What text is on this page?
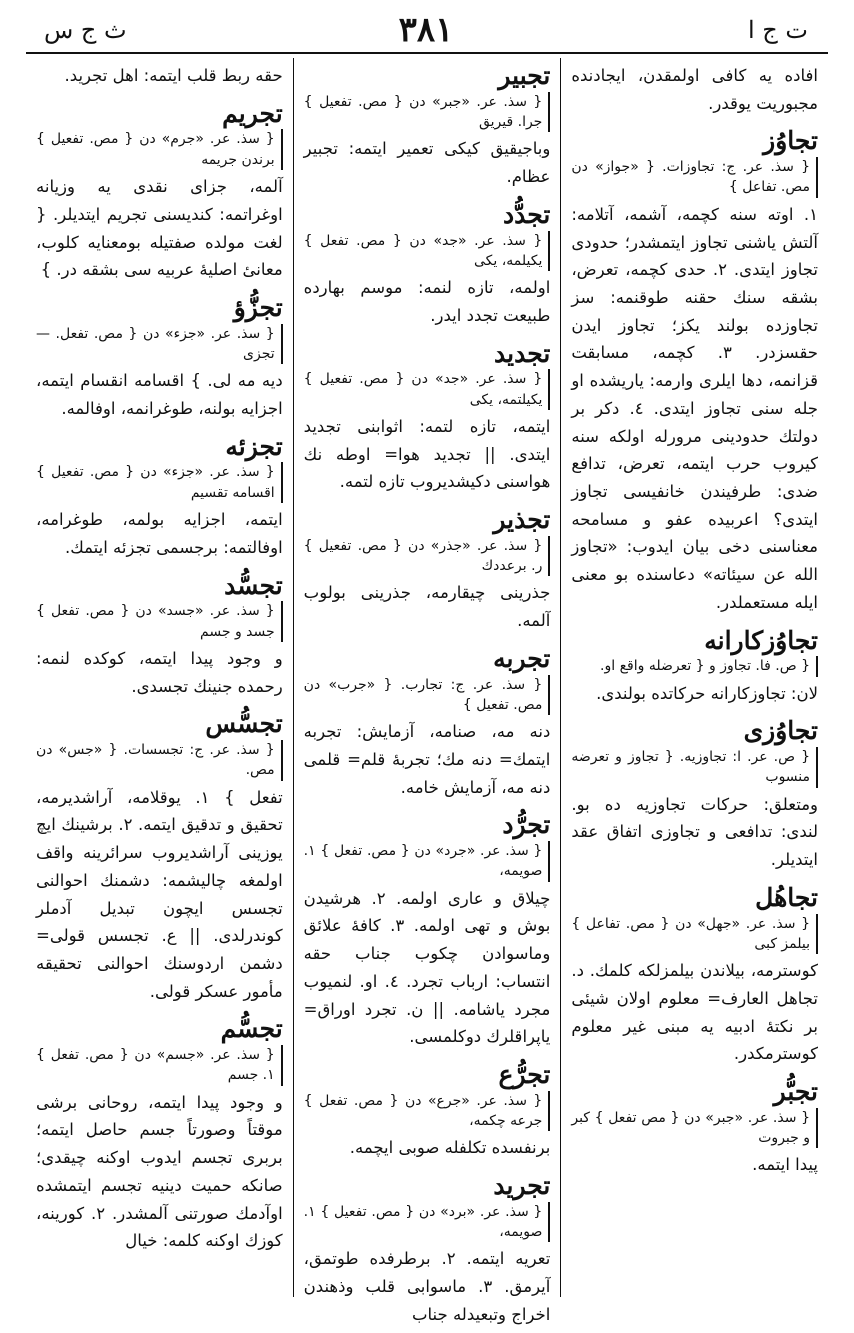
ث ج س	٣٨١	ت ج ا
حقه ربط قلب ايتمه: اهل تجريد.
تجريم
{ سذ. عر. «جرم» دن { مص. تفعيل } برندن جريمه
آلمه، جزاى نقدى يه وزيانه اوغراتمه: كنديسنى تجريم ايتديلر. { لغت مولده صفتيله بومعنايه كلوب، معانىٔ اصليهٔ عربيه سى بشقه در. }
تجزُّؤ
{ سذ. عر. «جزء» دن { مص. تفعل. — تجزى
ديه مه لى. } اقسامه انقسام ايتمه، اجزايه بولنه، طوغرانمه، اوفالمه.
تجزئه
{ سذ. عر. «جزء» دن { مص. تفعيل } اقسامه تقسيم
ايتمه، اجزايه بولمه، طوغرامه، اوفالتمه: برجسمى تجزئه ايتمك.
تجسُّد
{ سذ. عر. «جسد» دن { مص. تفعل } جسد و جسم
و وجود پيدا ايتمه، كوكده لنمه: رحمده جنينك تجسدى.
تجسُّس
{ سذ. عر. ج: تجسسات. { «جس» دن مص.
تفعل } ١. يوقلامه، آراشديرمه، تحقيق و تدقيق ايتمه. ٢. برشينك ايچ يوزينى آراشديروب سرائرينه واقف اولمغه چاليشمه: دشمنك احوالنى تجسس ايچون تبديل آدملر كوندرلدى. || ع. تجسس قولى= دشمن اردوسنك احوالنى تحقيقه مأمور عسكر قولى.
تجسُّم
{ سذ. عر. «جسم» دن { مص. تفعل } ١. جسم
و وجود پيدا ايتمه، روحانى برشى موقتاً وصورتاً جسم حاصل ايتمه؛ بربرى تجسم ايدوب اوكنه چيقدى؛ صانكه حميت دينيه تجسم ايتمشده اوآدمك صورتنى آلمشدر. ٢. كورينه، كوزك اوكنه كلمه: خيال
تجبير
{ سذ. عر. «جبر» دن { مص. تفعيل } جرا. قيريق
وباجيقيق كيكى تعمير ايتمه: تجبير عظام.
تجدُّد
{ سذ. عر. «جد» دن { مص. تفعل } يكيلمه، يكى
اولمه، تازه لنمه: موسم بهارده طبيعت تجدد ايدر.
تجديد
{ سذ. عر. «جد» دن { مص. تفعيل } يكيلتمه، يكى
ايتمه، تازه لتمه: اثوابنى تجديد ايتدى. || تجديد هوا= اوطه نك هواسنى دكيشديروب تازه لتمه.
تجذير
{ سذ. عر. «جذر» دن { مص. تفعيل } ر. برعددك
جذرينى چيقارمه، جذرينى بولوب آلمه.
تجربه
{ سذ. عر. ج: تجارب. { «جرب» دن مص. تفعيل }
دنه مه، صنامه، آزمايش: تجربه ايتمك= دنه مك؛ تجربهٔ قلم= قلمى دنه مه، آزمايش خامه.
تجرُّد
{ سذ. عر. «جرد» دن { مص. تفعل } ١. صويمه،
چيلاق و عارى اولمه. ٢. هرشيدن بوش و تهى اولمه. ٣. كافهٔ علائق وماسوادن چكوب جناب حقه انتساب: ارباب تجرد. ٤. او. لنميوب مجرد ياشامه. || ن. تجرد اوراق= ياپراقلرك دوكلمسى.
تجرُّع
{ سذ. عر. «جرع» دن { مص. تفعل } جرعه چكمه،
برنفسده تكلفله صوبى ايچمه.
تجريد
{ سذ. عر. «برد» دن { مص. تفعيل } ١. صويمه،
تعريه ايتمه. ٢. برطرفده طوتمق، آيرمق. ٣. ماسوابى قلب وذهندن اخراج وتبعيدله جناب
افاده يه كافى اولمقدن، ايجادنده مجبوريت يوقدر.
تجاوُز
{ سذ. عر. ج: تجاوزات. { «جواز» دن مص. تفاعل }
١. اوته سنه كچمه، آشمه، آتلامه: آلتش ياشنى تجاوز ايتمشدر؛ حدودى تجاوز ايتدى. ٢. حدى كچمه، تعرض، بشقه سنك حقنه طوقنمه: سز تجاوزده بولند يكز؛ تجاوز ايدن حقسزدر. ٣. كچمه، مسابقت قزانمه، دها ايلرى وارمه: ياريشده او جله سنى تجاوز ايتدى. ٤. دكر بر دولتك حدودينى مرورله اولكه سنه كيروب حرب ايتمه، تعرض، تدافع ضدى: طرفيندن خانفيسى تجاوز ايتدى؟ اعربيده عفو و مسامحه معناسنى دخى بيان ايدوب: «تجاوز الله عن سيئاته» دعاسنده بو معنى ايله مستعملدر.
تجاوُزكارانه
{ ص. فا. تجاوز و { تعرضله واقع او.
لان: تجاوزكارانه حركاتده بولندى.
تجاوُزى
{ ص. عر. ا: تجاوزيه. { تجاوز و تعرضه منسوب
ومتعلق: حركات تجاوزيه ده بو. لندى: تدافعى و تجاوزى اتفاق عقد ايتديلر.
تجاهُل
{ سذ. عر. «جهل» دن { مص. تفاعل } بيلمز كبى
كوسترمه، بيلاندن بيلمزلكه كلمك. د. تجاهل العارف= معلوم اولان شيئى بر نكتهٔ ادبيه يه مبنى غير معلوم كوسترمكدر.
تجبُّر
{ سذ. عر. «جبر» دن { مص تفعل } كبر و جبروت
پيدا ايتمه.
